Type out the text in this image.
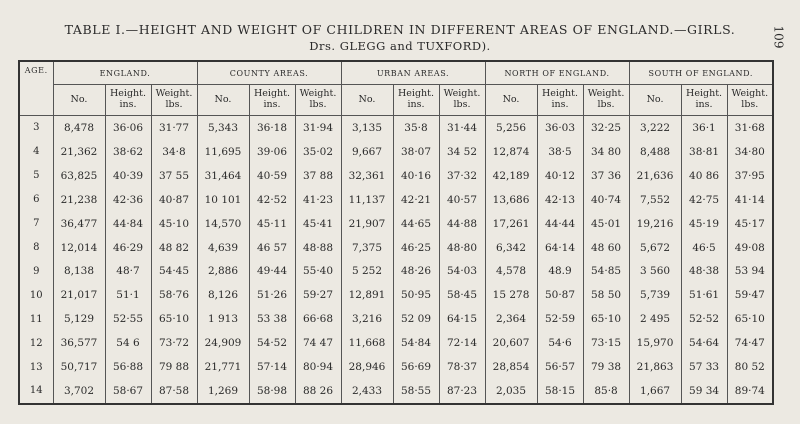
TABLE I.—HEIGHT AND WEIGHT OF CHILDREN IN DIFFERENT AREAS OF ENGLAND.—GIRLS.
Drs. GLEGG and TUXFORD).	109
AGE.	ENGLAND.			COUNTY AREAS.			URBAN AREAS.			NORTH OF ENGLAND.			SOUTH OF ENGLAND.		
	No.	Height. ins.	Weight. lbs.	No.	Height. ins.	Weight. lbs.	No.	Height. ins.	Weight. lbs.	No.	Height. ins.	Weight. lbs.	No.	Height. ins.	Weight. lbs.
3	8,478	36·06	31·77	5,343	36·18	31·94	3,135	35·8	31·44	5,256	36·03	32·25	3,222	36·1	31·68
4	21,362	38·62	34·8	11,695	39·06	35·02	9,667	38·07	34 52	12,874	38·5	34 80	8,488	38·81	34·80
5	63,825	40·39	37 55	31,464	40·59	37 88	32,361	40·16	37·32	42,189	40·12	37 36	21,636	40 86	37·95
6	21,238	42·36	40·87	10 101	42·52	41·23	11,137	42·21	40·57	13,686	42·13	40·74	7,552	42·75	41·14
7	36,477	44·84	45·10	14,570	45·11	45·41	21,907	44·65	44·88	17,261	44·44	45·01	19,216	45·19	45·17
8	12,014	46·29	48 82	4,639	46 57	48·88	7,375	46·25	48·80	6,342	64·14	48 60	5,672	46·5	49·08
9	8,138	48·7	54·45	2,886	49·44	55·40	5 252	48·26	54·03	4,578	48.9	54·85	3 560	48·38	53 94
10	21,017	51·1	58·76	8,126	51·26	59·27	12,891	50·95	58·45	15 278	50·87	58 50	5,739	51·61	59·47
11	5,129	52·55	65·10	1 913	53 38	66·68	3,216	52 09	64·15	2,364	52·59	65·10	2 495	52·52	65·10
12	36,577	54 6	73·72	24,909	54·52	74 47	11,668	54·84	72·14	20,607	54·6	73·15	15,970	54·64	74·47
13	50,717	56·88	79 88	21,771	57·14	80·94	28,946	56·69	78·37	28,854	56·57	79 38	21,863	57 33	80 52
14	3,702	58·67	87·58	1,269	58·98	88 26	2,433	58·55	87·23	2,035	58·15	85·8	1,667	59 34	89·74
